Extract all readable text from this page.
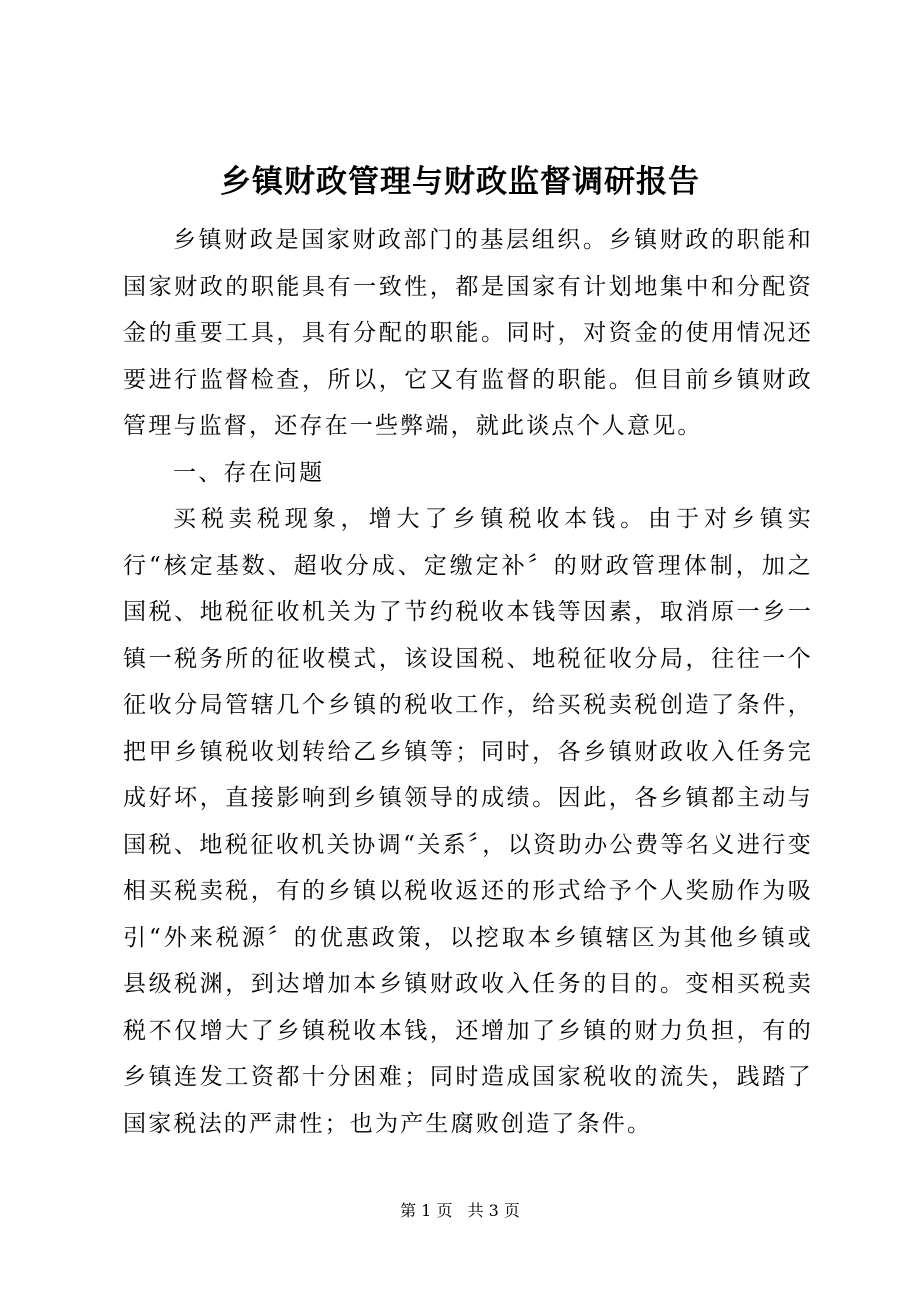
乡镇财政管理与财政监督调研报告

乡镇财政是国家财政部门的基层组织。乡镇财政的职能和国家财政的职能具有一致性，都是国家有计划地集中和分配资金的重要工具，具有分配的职能。同时，对资金的使用情况还要进行监督检查，所以，它又有监督的职能。但目前乡镇财政管理与监督，还存在一些弊端，就此谈点个人意见。

一、存在问题

买税卖税现象，增大了乡镇税收本钱。由于对乡镇实行“核定基数、超收分成、定缴定补〞的财政管理体制，加之国税、地税征收机关为了节约税收本钱等因素，取消原一乡一镇一税务所的征收模式，该设国税、地税征收分局，往往一个征收分局管辖几个乡镇的税收工作，给买税卖税创造了条件，把甲乡镇税收划转给乙乡镇等；同时，各乡镇财政收入任务完成好坏，直接影响到乡镇领导的成绩。因此，各乡镇都主动与国税、地税征收机关协调“关系〞，以资助办公费等名义进行变相买税卖税，有的乡镇以税收返还的形式给予个人奖励作为吸引“外来税源〞的优惠政策，以挖取本乡镇辖区为其他乡镇或县级税渊，到达增加本乡镇财政收入任务的目的。变相买税卖税不仅增大了乡镇税收本钱，还增加了乡镇的财力负担，有的乡镇连发工资都十分困难；同时造成国家税收的流失，践踏了国家税法的严肃性；也为产生腐败创造了条件。

第 1 页 共 3 页
